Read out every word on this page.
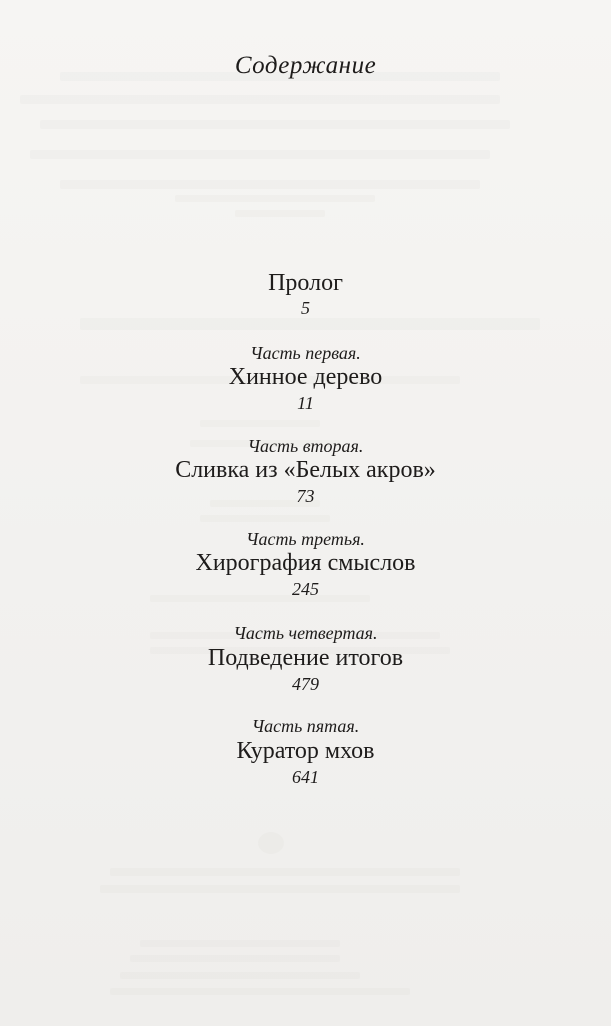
Содержание
Пролог
5
Часть первая.
Хинное дерево
11
Часть вторая.
Сливка из «Белых акров»
73
Часть третья.
Хирография смыслов
245
Часть четвертая.
Подведение итогов
479
Часть пятая.
Куратор мхов
641
